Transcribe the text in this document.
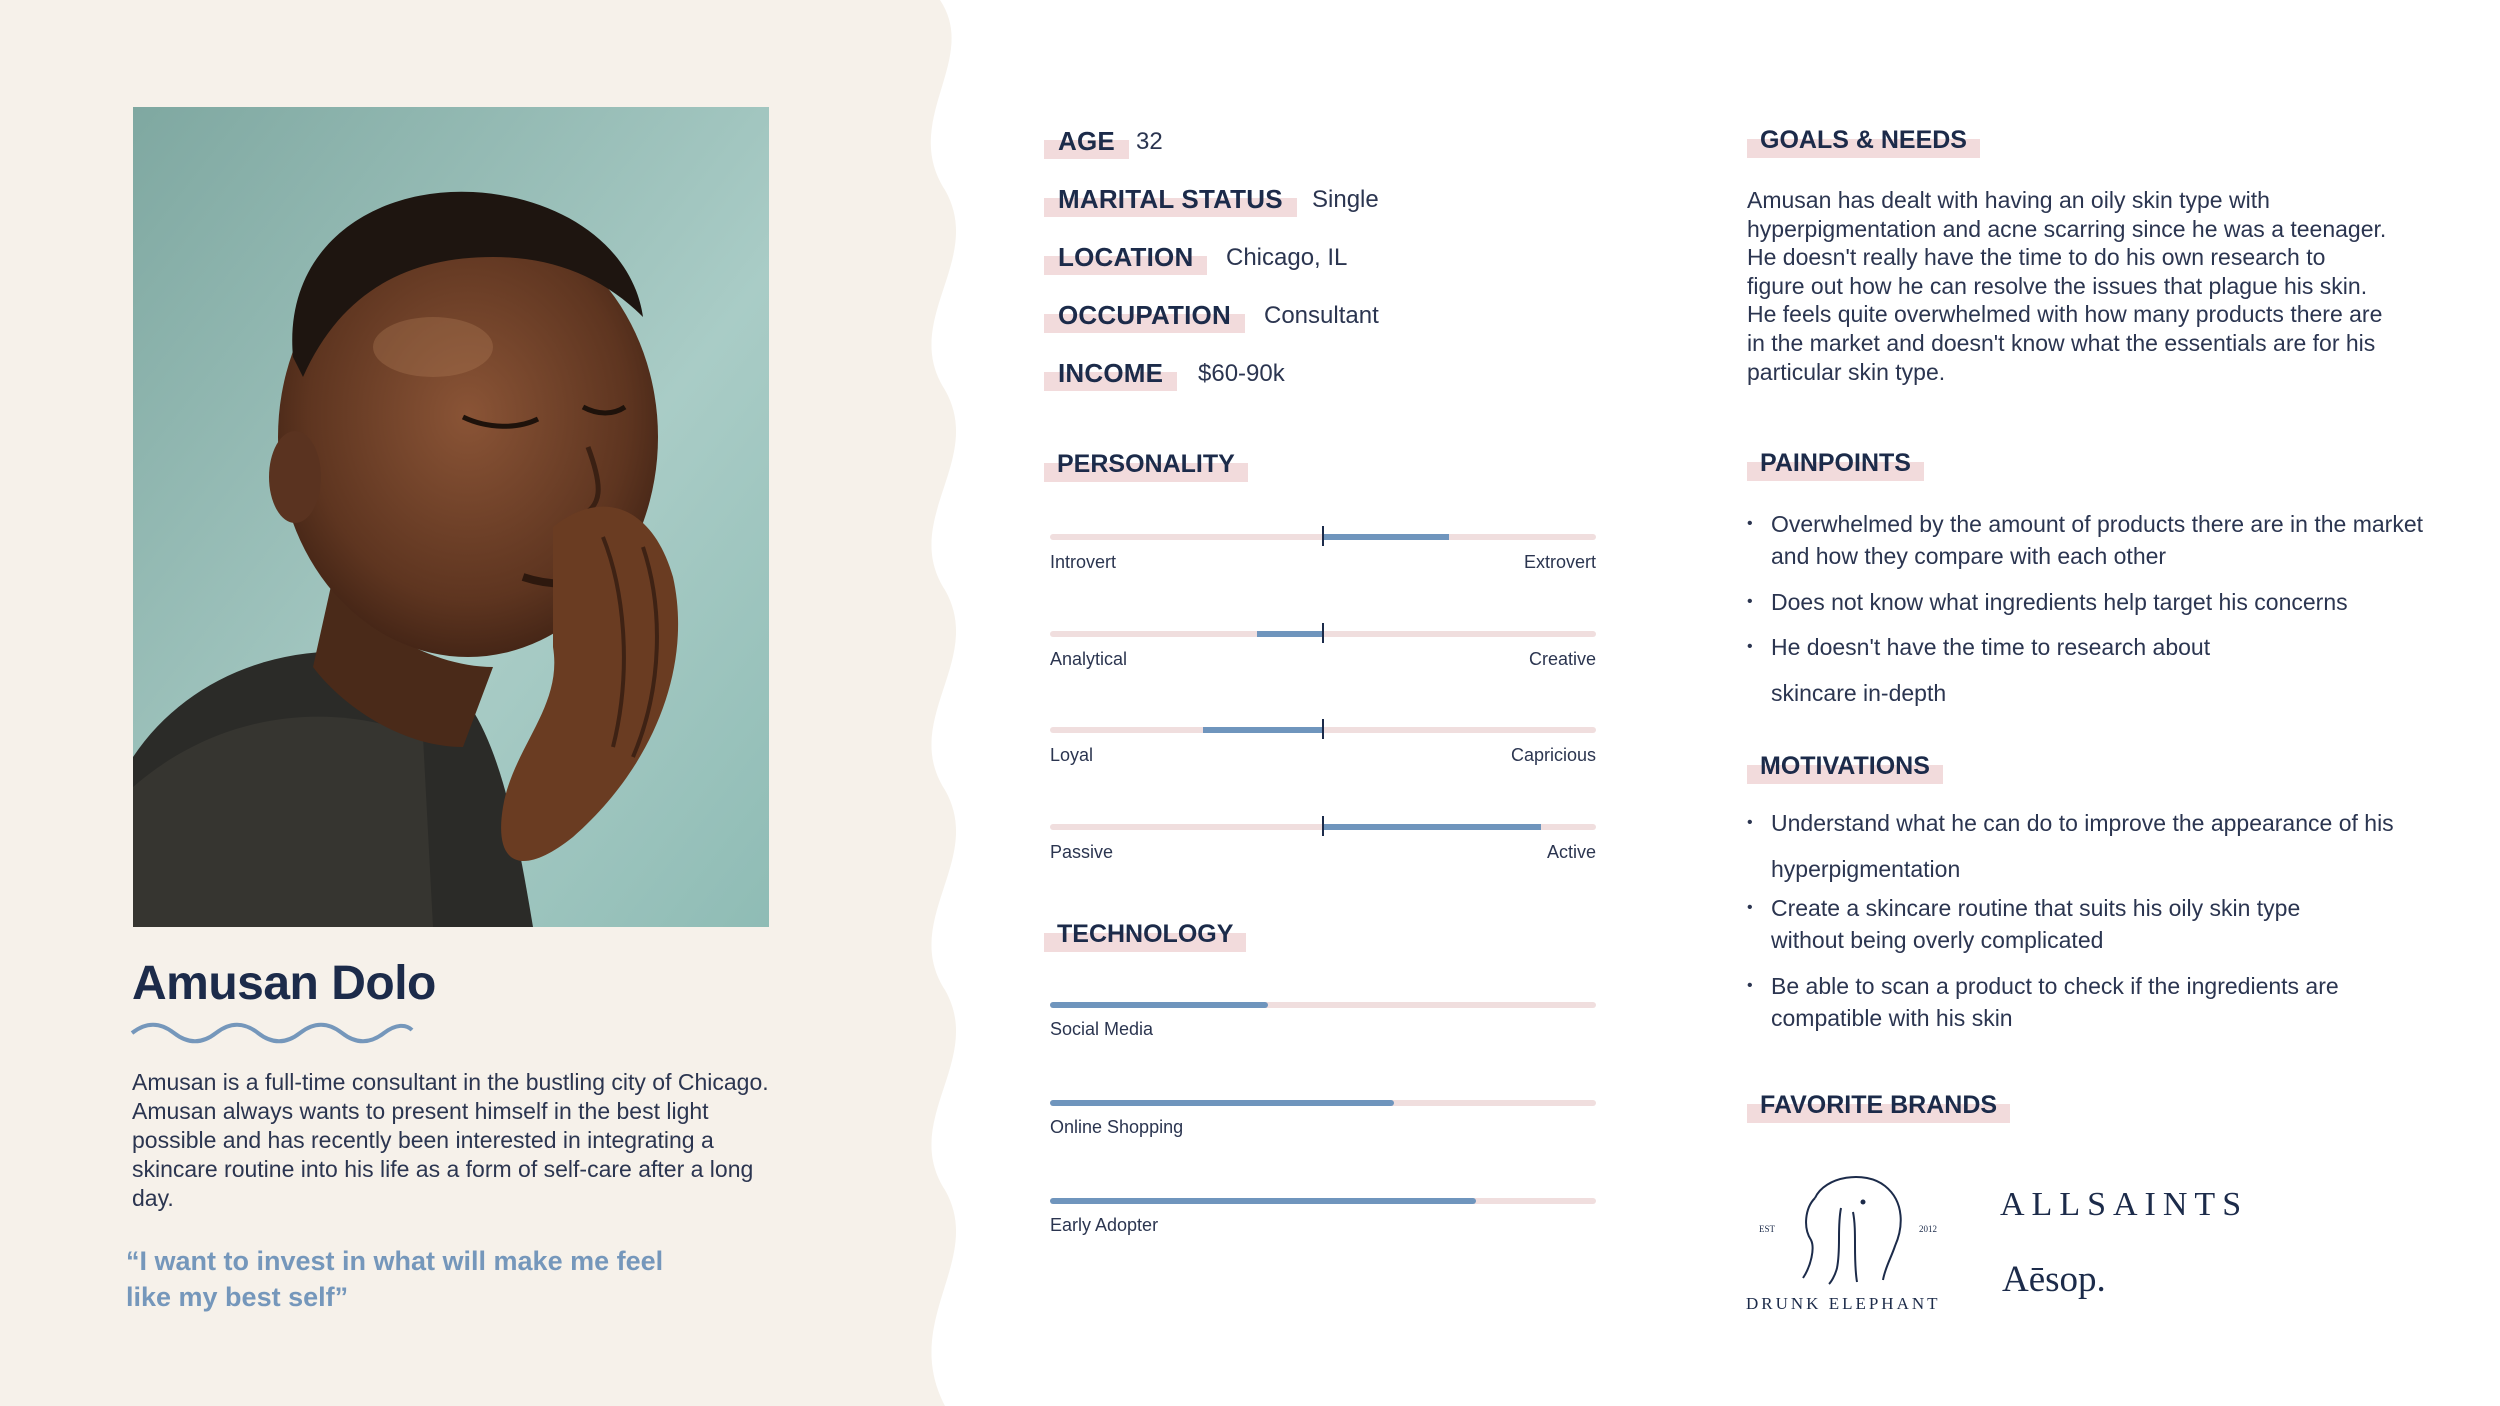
Amusan Dolo

Amusan is a full-time consultant in the bustling city of Chicago. Amusan always wants to present himself in the best light possible and has recently been interested in integrating a skincare routine into his life as a form of self-care after a long day.

“I want to invest in what will make me feel like my best self”

AGE 32
MARITAL STATUS	Single
LOCATION	Chicago, IL
OCCUPATION	Consultant
INCOME	$60-90k
PERSONALITY
Introvert	Extrovert
Analytical	Creative
Loyal	Capricious
Passive	Active
TECHNOLOGY
Social Media
Online Shopping
Early Adopter
GOALS & NEEDS

Amusan has dealt with having an oily skin type with hyperpigmentation and acne scarring since he was a teenager. He doesn't really have the time to do his own research to figure out how he can resolve the issues that plague his skin. He feels quite overwhelmed with how many products there are in the market and doesn't know what the essentials are for his particular skin type.

PAINPOINTS
• Overwhelmed by the amount of products there are in the market and how they compare with each other
• Does not know what ingredients help target his concerns
• He doesn't have the time to research about skincare in-depth
MOTIVATIONS
• Understand what he can do to improve the appearance of his hyperpigmentation
• Create a skincare routine that suits his oily skin type without being overly complicated
• Be able to scan a product to check if the ingredients are compatible with his skin
FAVORITE BRANDS
EST	2012
DRUNK ELEPHANT
ALLSAINTS
Aēsop.
